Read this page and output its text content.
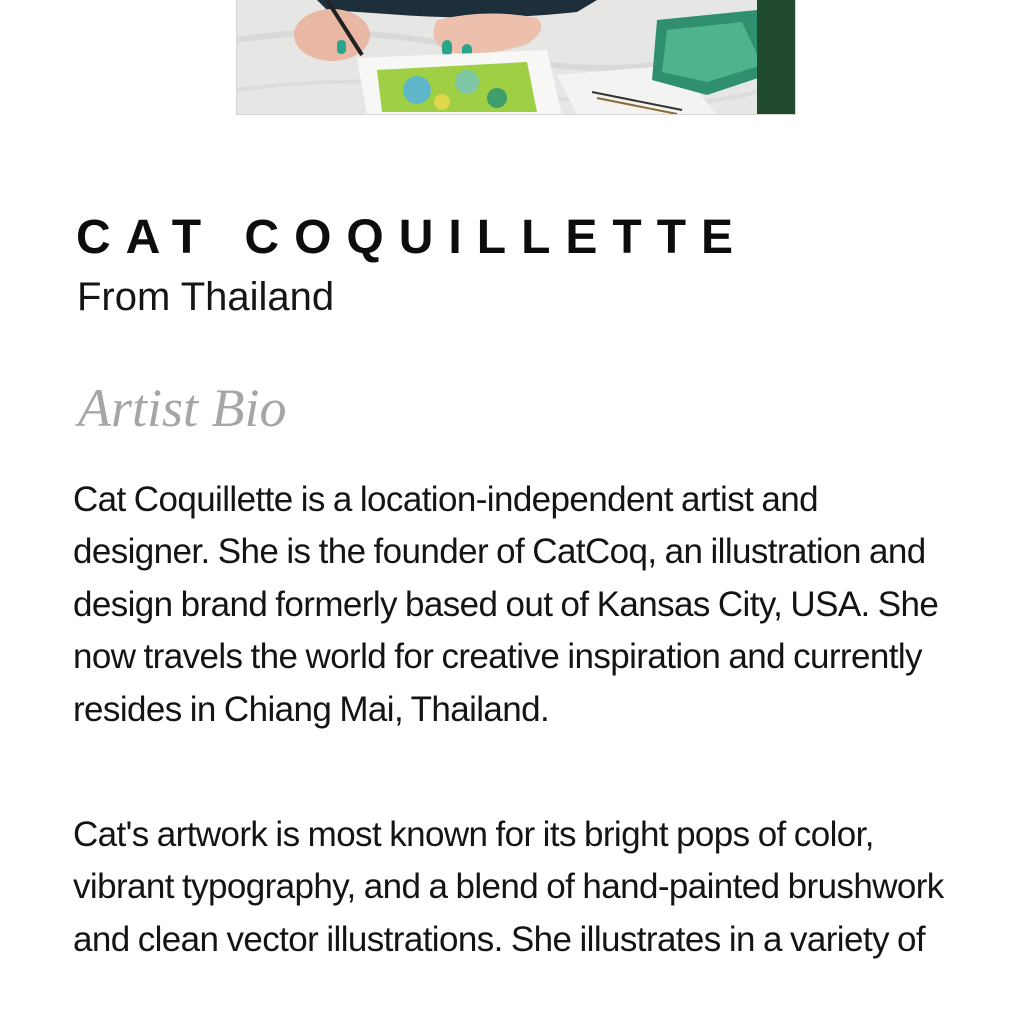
CAT COQUILLETTE

From Thailand

Artist Bio

Cat Coquillette is a location-independent artist and designer. She is the founder of CatCoq, an illustration and design brand formerly based out of Kansas City, USA. She now travels the world for creative inspiration and currently resides in Chiang Mai, Thailand.

Cat's artwork is most known for its bright pops of color, vibrant typography, and a blend of hand-painted brushwork and clean vector illustrations. She illustrates in a variety of
